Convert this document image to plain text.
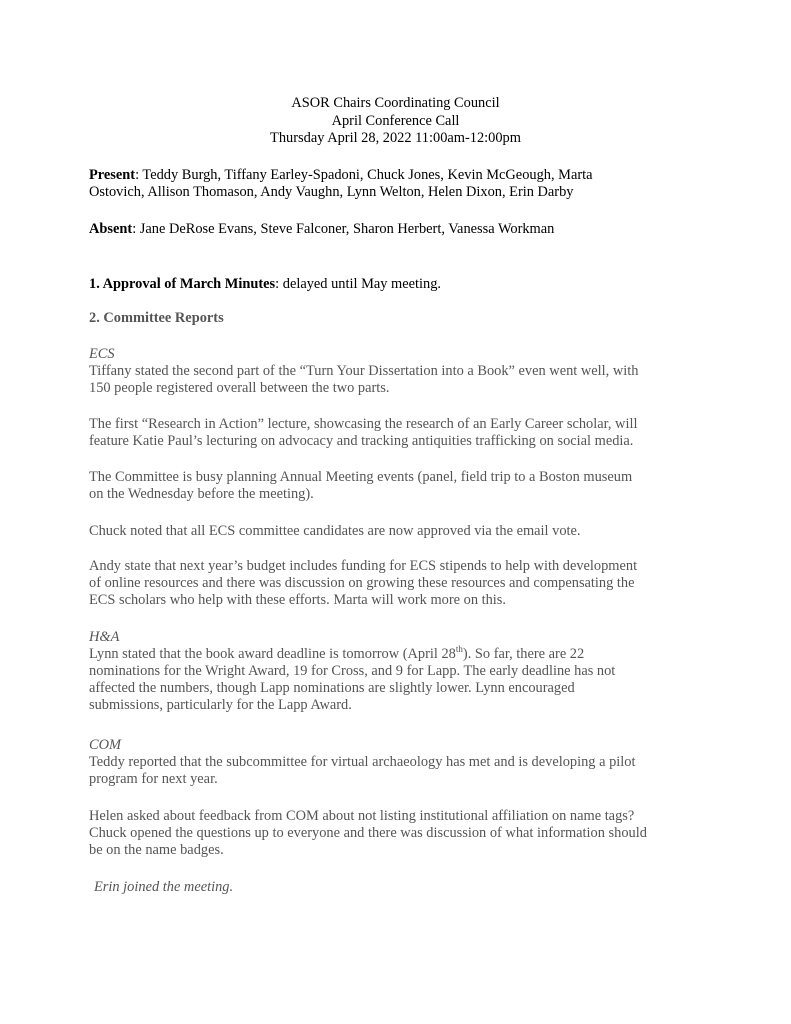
ASOR Chairs Coordinating Council
April Conference Call
Thursday April 28, 2022 11:00am-12:00pm
Present: Teddy Burgh, Tiffany Earley-Spadoni, Chuck Jones, Kevin McGeough, Marta
Ostovich, Allison Thomason, Andy Vaughn, Lynn Welton, Helen Dixon, Erin Darby
Absent: Jane DeRose Evans, Steve Falconer, Sharon Herbert, Vanessa Workman
1. Approval of March Minutes: delayed until May meeting.
2. Committee Reports
ECS
Tiffany stated the second part of the “Turn Your Dissertation into a Book” even went well, with
150 people registered overall between the two parts.
The first “Research in Action” lecture, showcasing the research of an Early Career scholar, will
feature Katie Paul’s lecturing on advocacy and tracking antiquities trafficking on social media.
The Committee is busy planning Annual Meeting events (panel, field trip to a Boston museum
on the Wednesday before the meeting).
Chuck noted that all ECS committee candidates are now approved via the email vote.
Andy state that next year’s budget includes funding for ECS stipends to help with development
of online resources and there was discussion on growing these resources and compensating the
ECS scholars who help with these efforts. Marta will work more on this.
H&A
Lynn stated that the book award deadline is tomorrow (April 28th). So far, there are 22
nominations for the Wright Award, 19 for Cross, and 9 for Lapp. The early deadline has not
affected the numbers, though Lapp nominations are slightly lower. Lynn encouraged
submissions, particularly for the Lapp Award.
COM
Teddy reported that the subcommittee for virtual archaeology has met and is developing a pilot
program for next year.
Helen asked about feedback from COM about not listing institutional affiliation on name tags?
Chuck opened the questions up to everyone and there was discussion of what information should
be on the name badges.
Erin joined the meeting.
